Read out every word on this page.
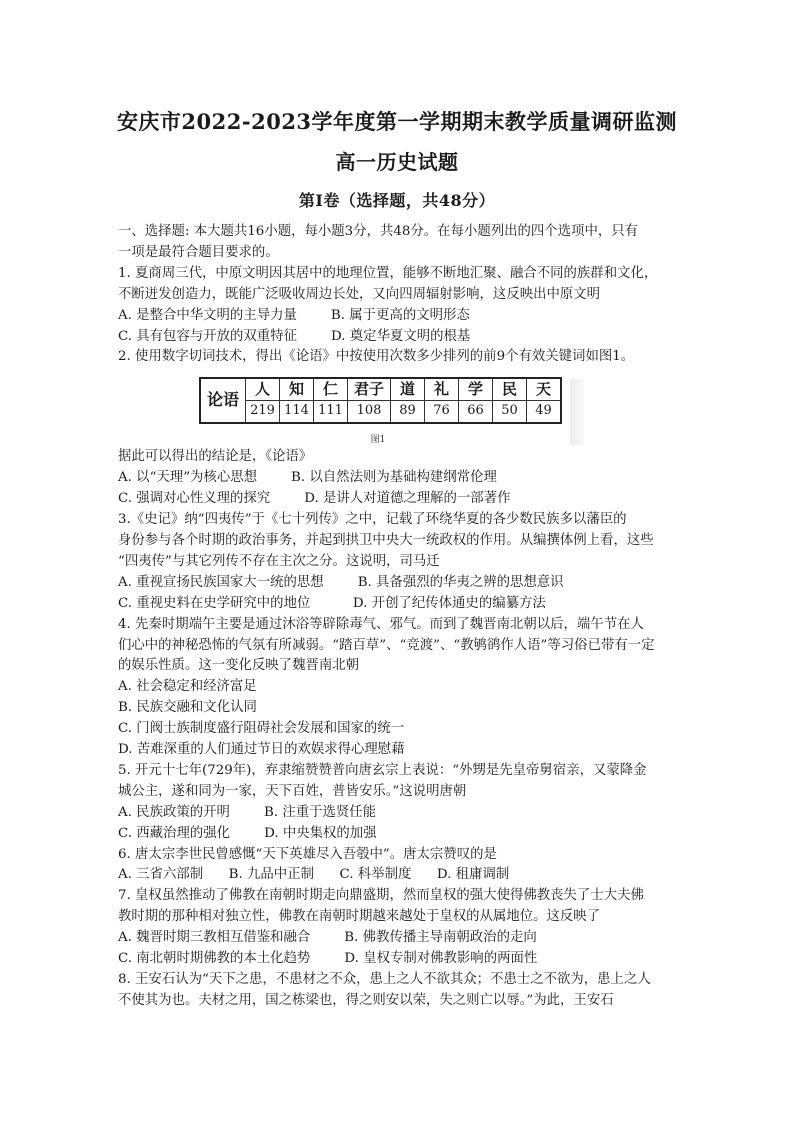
安庆市2022-2023学年度第一学期期末教学质量调研监测
高一历史试题
第Ⅰ卷（选择题，共48分）

一、选择题: 本大题共16小题，每小题3分，共48分。在每小题列出的四个选项中，只有

一项是最符合题目要求的。

1. 夏商周三代，中原文明因其居中的地理位置，能够不断地汇聚、融合不同的族群和文化，

不断迸发创造力，既能广泛吸收周边长处，又向四周辐射影响，这反映出中原文明

A. 是整合中华文明的主导力量        B. 属于更高的文明形态

C. 具有包容与开放的双重特征        D. 奠定华夏文明的根基

2. 使用数字切词技术，得出《论语》中按使用次数多少排列的前9个有效关键词如图1。

论语	人	知	仁	君子	道	礼	学	民	天
	219	114	111	108	89	76	66	50	49
图1

据此可以得出的结论是，《论语》

A. 以“天理”为核心思想        B. 以自然法则为基础构建纲常伦理

C. 强调对心性义理的探究        D. 是讲人对道德之理解的一部著作

3.《史记》纳“四夷传”于《七十列传》之中，记载了环绕华夏的各少数民族多以藩臣的

身份参与各个时期的政治事务，并起到拱卫中央大一统政权的作用。从编撰体例上看，这些

“四夷传”与其它列传不存在主次之分。这说明，司马迁

A. 重视宣扬民族国家大一统的思想        B. 具备强烈的华夷之辨的思想意识

C. 重视史料在史学研究中的地位          D. 开创了纪传体通史的编纂方法

4. 先秦时期端午主要是通过沐浴等辟除毒气、邪气。而到了魏晋南北朝以后，端午节在人

们心中的神秘恐怖的气氛有所减弱。“踏百草”、“竞渡”、“教鸲鹆作人语”等习俗已带有一定

的娱乐性质。这一变化反映了魏晋南北朝

A. 社会稳定和经济富足

B. 民族交融和文化认同

C. 门阀士族制度盛行阻碍社会发展和国家的统一

D. 苦难深重的人们通过节日的欢娱求得心理慰藉

5. 开元十七年(729年)，弃隶缩赞赞普向唐玄宗上表说：“外甥是先皇帝舅宿亲，又蒙降金

城公主，遂和同为一家，天下百姓，普皆安乐。”这说明唐朝

A. 民族政策的开明        B. 注重于选贤任能

C. 西藏治理的强化        D. 中央集权的加强

6. 唐太宗李世民曾感慨“天下英雄尽入吾彀中”。唐太宗赞叹的是

A. 三省六部制      B. 九品中正制      C. 科举制度      D. 租庸调制

7. 皇权虽然推动了佛教在南朝时期走向鼎盛期，然而皇权的强大使得佛教丧失了士大夫佛

教时期的那种相对独立性，佛教在南朝时期越来越处于皇权的从属地位。这反映了

A. 魏晋时期三教相互借鉴和融合        B. 佛教传播主导南朝政治的走向

C. 南北朝时期佛教的本土化趋势        D. 皇权专制对佛教影响的两面性

8. 王安石认为“天下之患，不患材之不众，患上之人不欲其众；不患士之不欲为，患上之人

不使其为也。夫材之用，国之栋梁也，得之则安以荣，失之则亡以辱。”为此，王安石
